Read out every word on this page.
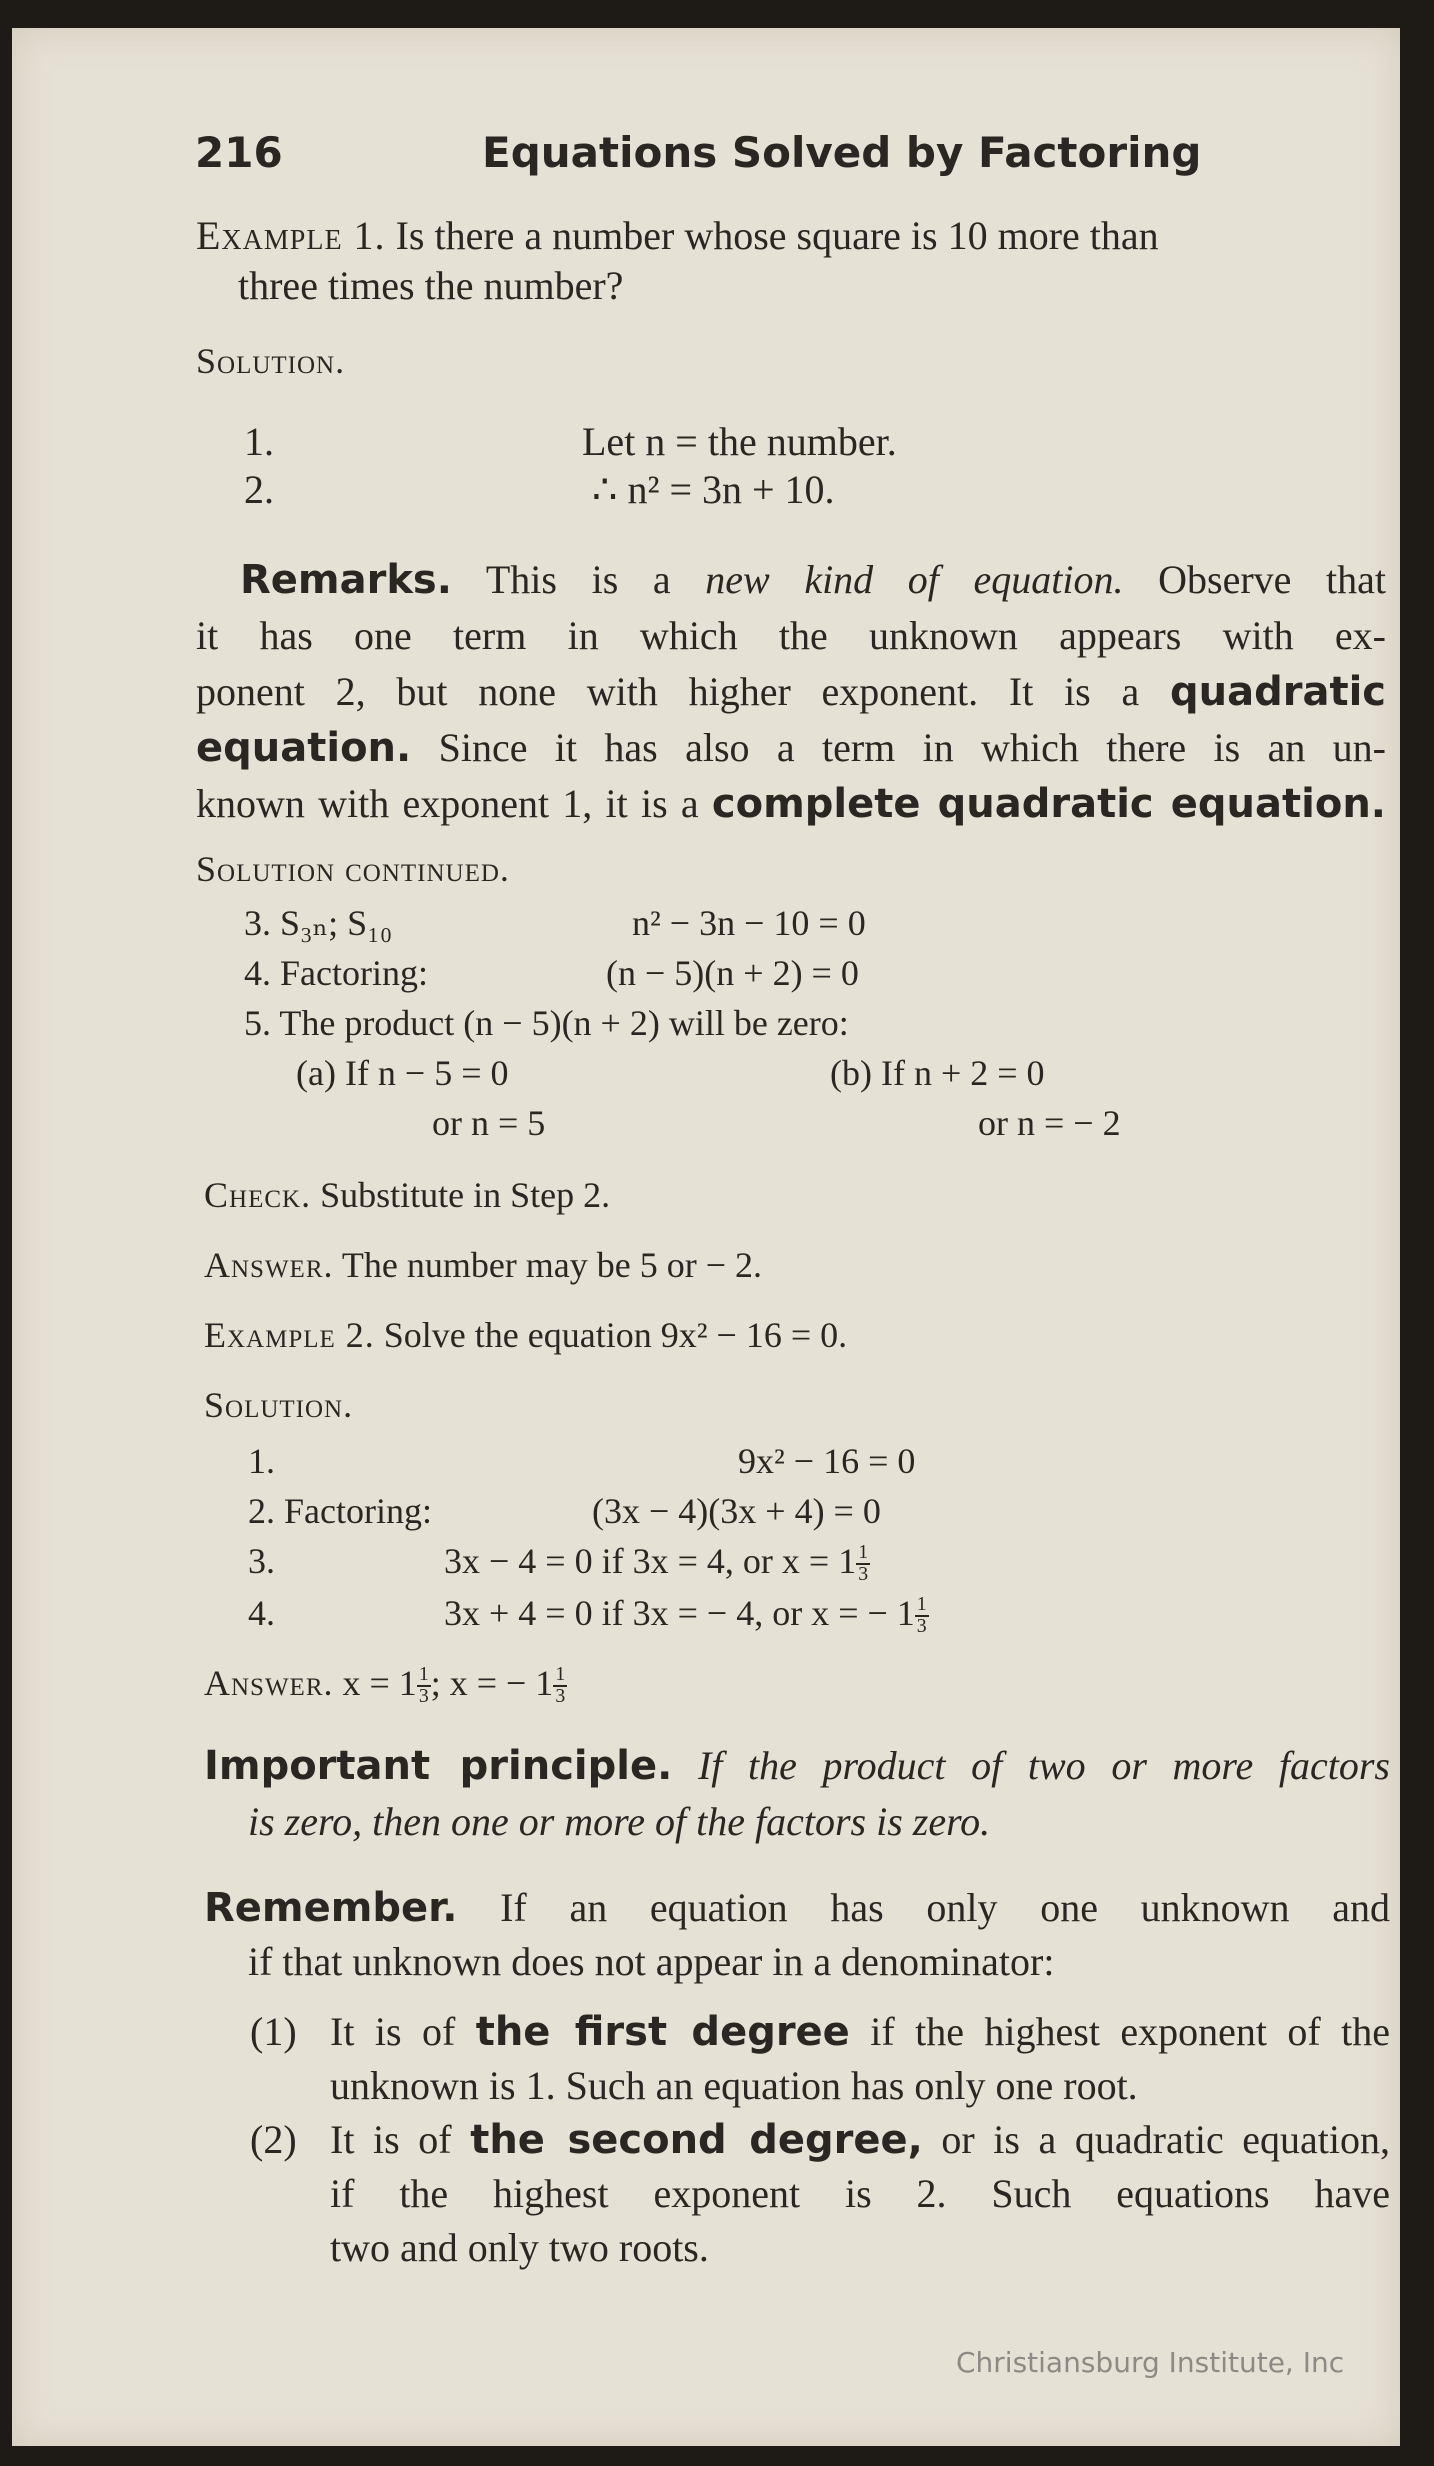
216	Equations Solved by Factoring
Example 1. Is there a number whose square is 10 more than
three times the number?
Solution.
1.	Let n = the number.
2.	∴ n² = 3n + 10.
Remarks. This is a new kind of equation. Observe that
it has one term in which the unknown appears with ex-
ponent 2, but none with higher exponent. It is a quadratic
equation. Since it has also a term in which there is an un-
known with exponent 1, it is a complete quadratic equation.
Solution continued.
3. S₃ₙ; S₁₀	n² − 3n − 10 = 0
4. Factoring:	(n − 5)(n + 2) = 0
5. The product (n − 5)(n + 2) will be zero:
(a) If n − 5 = 0	(b) If n + 2 = 0
or n = 5	or n = − 2
Check. Substitute in Step 2.
Answer. The number may be 5 or − 2.
Example 2. Solve the equation 9x² − 16 = 0.
Solution.
1.	9x² − 16 = 0
2. Factoring:	(3x − 4)(3x + 4) = 0
3.	3x − 4 = 0 if 3x = 4, or $x = 1 \frac{1}{3}$
4.	3x + 4 = 0 if 3x = − 4, or x = − $1 \frac{1}{3}$
Answer. $x = 1 \frac{1}{3}$ ; x = − $1 \frac{1}{3}$
Important principle. If the product of two or more factors
is zero, then one or more of the factors is zero.
Remember. If an equation has only one unknown and
if that unknown does not appear in a denominator:
(1) It is of the first degree if the highest exponent of the
unknown is 1. Such an equation has only one root.
(2) It is of the second degree, or is a quadratic equation,
if the highest exponent is 2. Such equations have
two and only two roots.
Christiansburg Institute, Inc
